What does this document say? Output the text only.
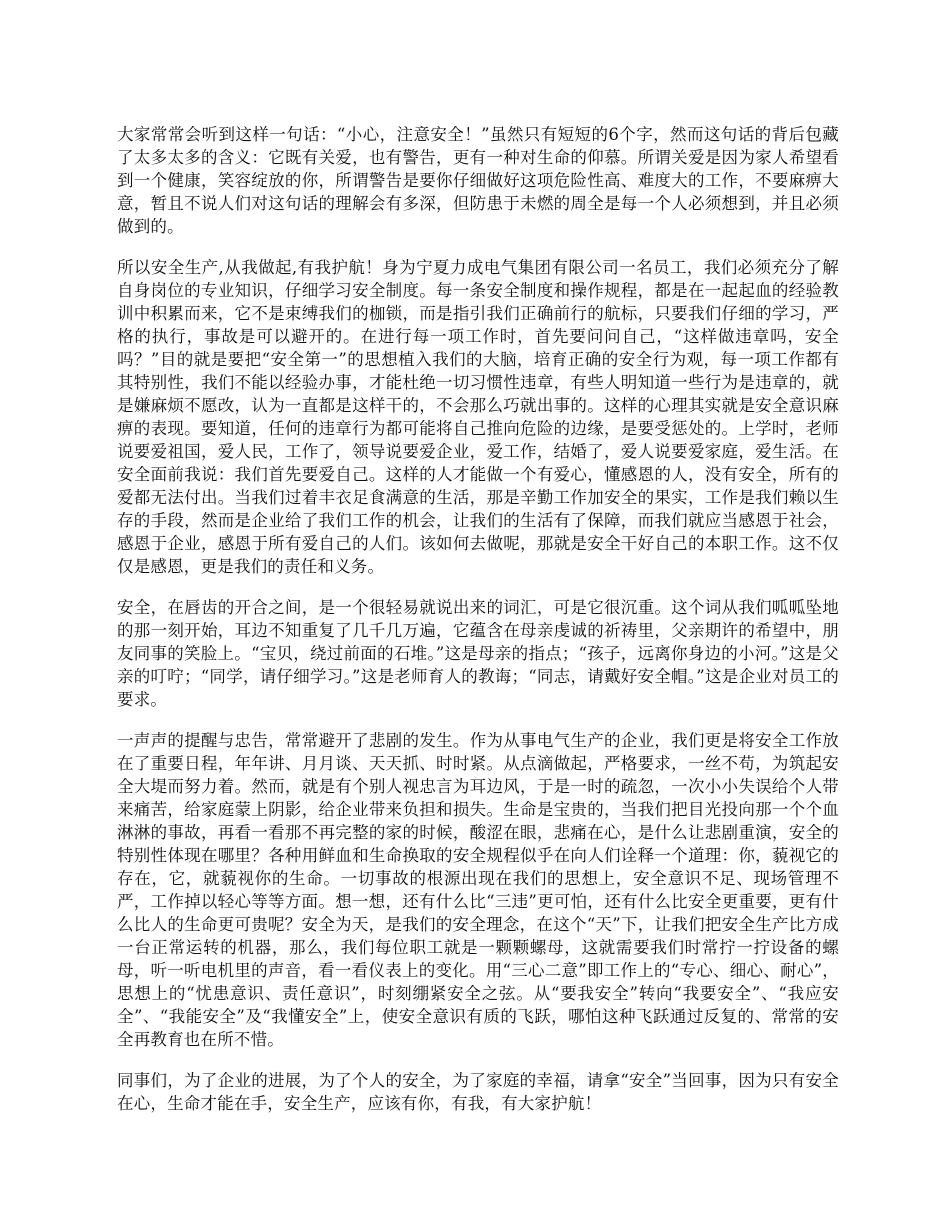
大家常常会听到这样一句话：“小心，注意安全！”虽然只有短短的6个字，然而这句话的背后包藏了太多太多的含义：它既有关爱，也有警告，更有一种对生命的仰慕。所谓关爱是因为家人希望看到一个健康，笑容绽放的你，所谓警告是要你仔细做好这项危险性高、难度大的工作，不要麻痹大意，暂且不说人们对这句话的理解会有多深，但防患于未燃的周全是每一个人必须想到，并且必须做到的。

所以安全生产,从我做起,有我护航！身为宁夏力成电气集团有限公司一名员工，我们必须充分了解自身岗位的专业知识，仔细学习安全制度。每一条安全制度和操作规程，都是在一起起血的经验教训中积累而来，它不是束缚我们的枷锁，而是指引我们正确前行的航标，只要我们仔细的学习，严格的执行，事故是可以避开的。在进行每一项工作时，首先要问问自己，“这样做违章吗，安全吗？”目的就是要把“安全第一”的思想植入我们的大脑，培育正确的安全行为观，每一项工作都有其特别性，我们不能以经验办事，才能杜绝一切习惯性违章，有些人明知道一些行为是违章的，就是嫌麻烦不愿改，认为一直都是这样干的，不会那么巧就出事的。这样的心理其实就是安全意识麻痹的表现。要知道，任何的违章行为都可能将自己推向危险的边缘，是要受惩处的。上学时，老师说要爱祖国，爱人民，工作了，领导说要爱企业，爱工作，结婚了，爱人说要爱家庭，爱生活。在安全面前我说：我们首先要爱自己。这样的人才能做一个有爱心，懂感恩的人，没有安全，所有的爱都无法付出。当我们过着丰衣足食满意的生活，那是辛勤工作加安全的果实，工作是我们赖以生存的手段，然而是企业给了我们工作的机会，让我们的生活有了保障，而我们就应当感恩于社会，感恩于企业，感恩于所有爱自己的人们。该如何去做呢，那就是安全干好自己的本职工作。这不仅仅是感恩，更是我们的责任和义务。

安全，在唇齿的开合之间，是一个很轻易就说出来的词汇，可是它很沉重。这个词从我们呱呱坠地的那一刻开始，耳边不知重复了几千几万遍，它蕴含在母亲虔诚的祈祷里，父亲期许的希望中，朋友同事的笑脸上。“宝贝，绕过前面的石堆。”这是母亲的指点；“孩子，远离你身边的小河。”这是父亲的叮咛；“同学，请仔细学习。”这是老师育人的教诲；“同志，请戴好安全帽。”这是企业对员工的要求。

一声声的提醒与忠告，常常避开了悲剧的发生。作为从事电气生产的企业，我们更是将安全工作放在了重要日程，年年讲、月月谈、天天抓、时时紧。从点滴做起，严格要求，一丝不苟，为筑起安全大堤而努力着。然而，就是有个别人视忠言为耳边风，于是一时的疏忽，一次小小失误给个人带来痛苦，给家庭蒙上阴影，给企业带来负担和损失。生命是宝贵的，当我们把目光投向那一个个血淋淋的事故，再看一看那不再完整的家的时候，酸涩在眼，悲痛在心，是什么让悲剧重演，安全的特别性体现在哪里？各种用鲜血和生命换取的安全规程似乎在向人们诠释一个道理：你，藐视它的存在，它，就藐视你的生命。一切事故的根源出现在我们的思想上，安全意识不足、现场管理不严，工作掉以轻心等等方面。想一想，还有什么比“三违”更可怕，还有什么比安全更重要，更有什么比人的生命更可贵呢？安全为天，是我们的安全理念，在这个“天”下，让我们把安全生产比方成一台正常运转的机器，那么，我们每位职工就是一颗颗螺母，这就需要我们时常拧一拧设备的螺母，听一听电机里的声音，看一看仪表上的变化。用“三心二意”即工作上的“专心、细心、耐心”，思想上的“忧患意识、责任意识”，时刻绷紧安全之弦。从“要我安全”转向“我要安全”、“我应安全”、“我能安全”及“我懂安全”上，使安全意识有质的飞跃，哪怕这种飞跃通过反复的、常常的安全再教育也在所不惜。

同事们，为了企业的进展，为了个人的安全，为了家庭的幸福，请拿“安全”当回事，因为只有安全在心，生命才能在手，安全生产，应该有你，有我，有大家护航！
